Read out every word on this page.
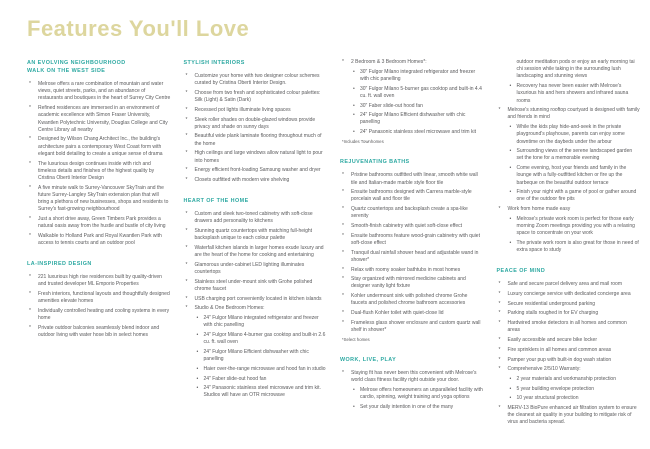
Features You'll Love
AN EVOLVING NEIGHBOURHOOD
WALK ON THE WEST SIDE
*	Melrose offers a rare combination of mountain and water views, quiet streets, parks, and an abundance of restaurants and boutiques in the heart of Surrey City Centre
*	Refined residences are immersed in an environment of academic excellence with Simon Fraser University, Kwantlen Polytechnic University, Douglas College and City Centre Library all nearby
*	Designed by Wilson Chang Architect Inc., the building's architecture pairs a contemporary West Coast form with elegant bold detailing to create a unique sense of drama
*	The luxurious design continues inside with rich and timeless details and finishes of the highest quality by Cristina Oberti Interior Design
*	A five minute walk to Surrey-Vancouver SkyTrain and the future Surrey-Langley SkyTrain extension plan that will bring a plethora of new businesses, shops and residents to Surrey's fast-growing neighbourhood
*	Just a short drive away, Green Timbers Park provides a natural oasis away from the hustle and bustle of city living
*	Walkable to Holland Park and Royal Kwantlen Park with access to tennis courts and an outdoor pool
LA-INSPIRED DESIGN
*	221 luxurious high rise residences built by quality-driven and trusted developer ML Emporio Properties
*	Fresh interiors, functional layouts and thoughtfully designed amenities elevate homes
*	Individually controlled heating and cooling systems in every home
*	Private outdoor balconies seamlessly blend indoor and outdoor living with water hose bib in select homes
STYLISH INTERIORS
*	Customize your home with two designer colour schemes curated by Cristina Oberti Interior Design.
*	Choose from two fresh and sophisticated colour palettes: Silk (Light) & Satin (Dark)
*	Recessed pot lights illuminate living spaces
*	Sleek roller shades on double-glazed windows provide privacy and shade on sunny days
*	Beautiful wide plank laminate flooring throughout much of the home
*	High ceilings and large windows allow natural light to pour into homes
*	Energy efficient front-loading Samsung washer and dryer
*	Closets outfitted with modern wire shelving
HEART OF THE HOME
*	Custom and sleek two-toned cabinetry with soft-close drawers add personality to kitchens
*	Stunning quartz countertops with matching full-height backsplash unique to each colour palette
*	Waterfall kitchen islands in larger homes exude luxury and are the heart of the home for cooking and entertaining
*	Glamorous under-cabinet LED lighting illuminates countertops
*	Stainless steel under-mount sink with Grohe polished chrome faucet
*	USB charging port conveniently located in kitchen islands
*	Studio & One Bedroom Homes:
•	24" Fulgor Milano integrated refrigerator and freezer with chic panelling
•	24" Fulgor Milano 4-burner gas cooktop and built-in 2.6 cu. ft. wall oven
•	24" Fulgor Milano Efficient dishwasher with chic panelling
•	Haier over-the-range microwave and hood fan in studio
•	24" Faber slide-out hood fan
•	24" Panasonic stainless steel microwave and trim kit. Studios will have an OTR microwave
*	2 Bedroom & 3 Bedroom Homes*:
•	30" Fulgor Milano integrated refrigerator and freezer with chic panelling
•	30" Fulgor Milano 5-burner gas cooktop and built-in 4.4 cu. ft. wall oven
•	30" Faber slide-out hood fan
•	24" Fulgor Milano Efficient dishwasher with chic panelling
•	24" Panasonic stainless steel microwave and trim kit
*Includes Townhomes
REJUVENATING BATHS
*	Pristine bathrooms outfitted with linear, smooth white wall tile and Italian-made marble style floor tile
*	Ensuite bathrooms designed with Carrera marble-style porcelain wall and floor tile
*	Quartz countertops and backsplash create a spa-like serenity
*	Smooth-finish cabinetry with quiet soft-close effect
*	Ensuite bathrooms feature wood-grain cabinetry with quiet soft-close effect
*	Tranquil dual rainfall shower head and adjustable wand in shower*
*	Relax with roomy soaker bathtubs in most homes
*	Stay organized with mirrored medicine cabinets and designer vanity light fixture
*	Kohler undermount sink with polished chrome Grohe faucets and polished chrome bathroom accessories
*	Dual-flush Kohler toilet with quiet-close lid
*	Frameless glass shower enclosure and custom quartz wall shelf in shower*
*Select homes
WORK, LIVE, PLAY
*	Staying fit has never been this convenient with Melrose's world class fitness facility right outside your door.
•	Melrose offers homeowners an unparalleled facility with cardio, spinning, weight training and yoga options
•	Set your daily intention in one of the many
outdoor meditation pods or enjoy an early morning tai chi session while taking in the surrounding lush landscaping and stunning views
•	Recovery has never been easier with Melrose's luxurious his and hers showers and infrared sauna rooms
*	Melrose's stunning rooftop courtyard is designed with family and friends in mind
•	While the kids play hide-and-seek in the private playground's playhouse, parents can enjoy some downtime on the daybeds under the arbour
•	Surrounding views of the serene landscaped garden set the tone for a memorable evening
•	Come evening, host your friends and family in the lounge with a fully-outfitted kitchen or fire up the barbeque on the beautiful outdoor terrace
•	Finish your night with a game of pool or gather around one of the outdoor fire pits
*	Work from home made easy
•	Melrose's private work room is perfect for those early morning Zoom meetings providing you with a relaxing space to concentrate on your work
•	The private work room is also great for those in need of extra space to study
PEACE OF MIND
*	Safe and secure parcel delivery area and mail room
*	Luxury concierge service with dedicated concierge area
*	Secure residential underground parking
*	Parking stalls roughed in for EV charging
*	Hardwired smoke detectors in all homes and common areas
*	Easily accessible and secure bike locker
*	Fire sprinklers in all homes and common areas
*	Pamper your pup with built-in dog wash station
*	Comprehensive 2/5/10 Warranty:
•	2 year materials and workmanship protection
•	5 year building envelope protection
•	10 year structural protection
*	MERV-13 BioPure enhanced air filtration system to ensure the cleanest air quality in your building to mitigate risk of virus and bacteria spread.
